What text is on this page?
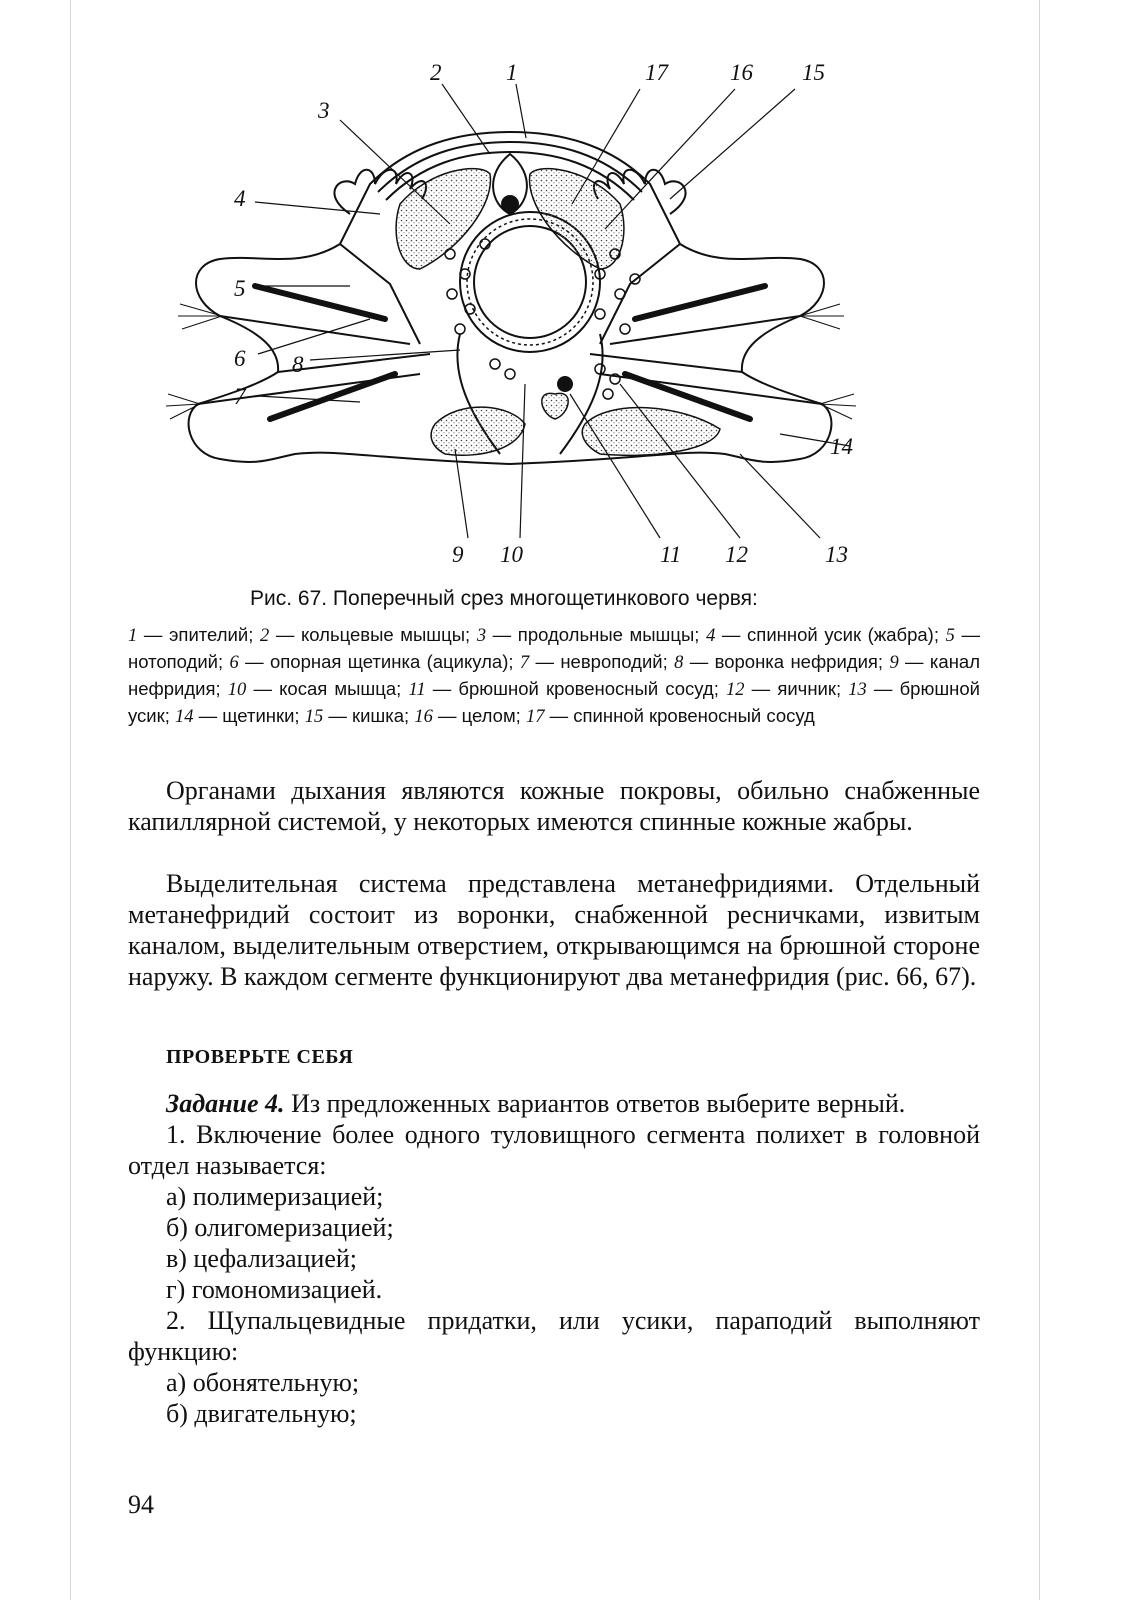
1
2
3
4
5
6
7
8
9 10	11 12	13
14
15
16
17
Рис. 67. Поперечный срез многощетинкового червя:
1 — эпителий; 2 — кольцевые мышцы; 3 — продольные мышцы; 4 — спинной усик (жабра); 5 — нотоподий; 6 — опорная щетинка (ацикула); 7 — невроподий; 8 — воронка нефридия; 9 — канал нефридия; 10 — косая мышца; 11 — брюшной кровеносный сосуд; 12 — яичник; 13 — брюшной усик; 14 — щетинки; 15 — кишка; 16 — целом; 17 — спинной кровеносный сосуд

Органами дыхания являются кожные покровы, обильно снабженные капиллярной системой, у некоторых имеются спинные кожные жабры.

Выделительная система представлена метанефридиями. Отдельный метанефридий состоит из воронки, снабженной ресничками, извитым каналом, выделительным отверстием, открывающимся на брюшной стороне наружу. В каждом сегменте функционируют два метанефридия (рис. 66, 67).

ПРОВЕРЬТЕ СЕБЯ

Задание 4. Из предложенных вариантов ответов выберите верный.

1. Включение более одного туловищного сегмента полихет в головной отдел называется:

а) полимеризацией;

б) олигомеризацией;

в) цефализацией;

г) гомономизацией.

2. Щупальцевидные придатки, или усики, параподий выполняют функцию:

а) обонятельную;

б) двигательную;

94
